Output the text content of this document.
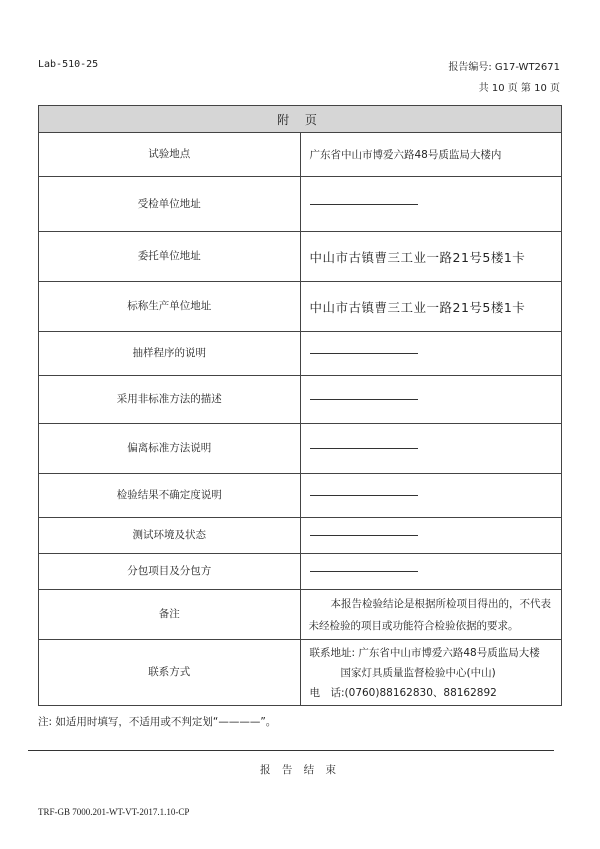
Lab-510-25	报告编号: G17-WT2671
共 10 页 第 10 页
附 页	
试验地点	广东省中山市博爱六路48号质监局大楼内
受检单位地址	
委托单位地址	中山市古镇曹三工业一路21号5楼1卡
标称生产单位地址	中山市古镇曹三工业一路21号5楼1卡
抽样程序的说明	
采用非标准方法的描述	
偏离标准方法说明	
检验结果不确定度说明	
测试环境及状态	
分包项目及分包方	
备注	本报告检验结论是根据所检项目得出的，不代表未经检验的项目或功能符合检验依据的要求。
联系方式	联系地址: 广东省中山市博爱六路48号质监局大楼
国家灯具质量监督检验中心(中山)
电　话:(0760)88162830、88162892
注: 如适用时填写，不适用或不判定划“————”。
报 告 结 束
TRF-GB 7000.201-WT-VT-2017.1.10-CP
